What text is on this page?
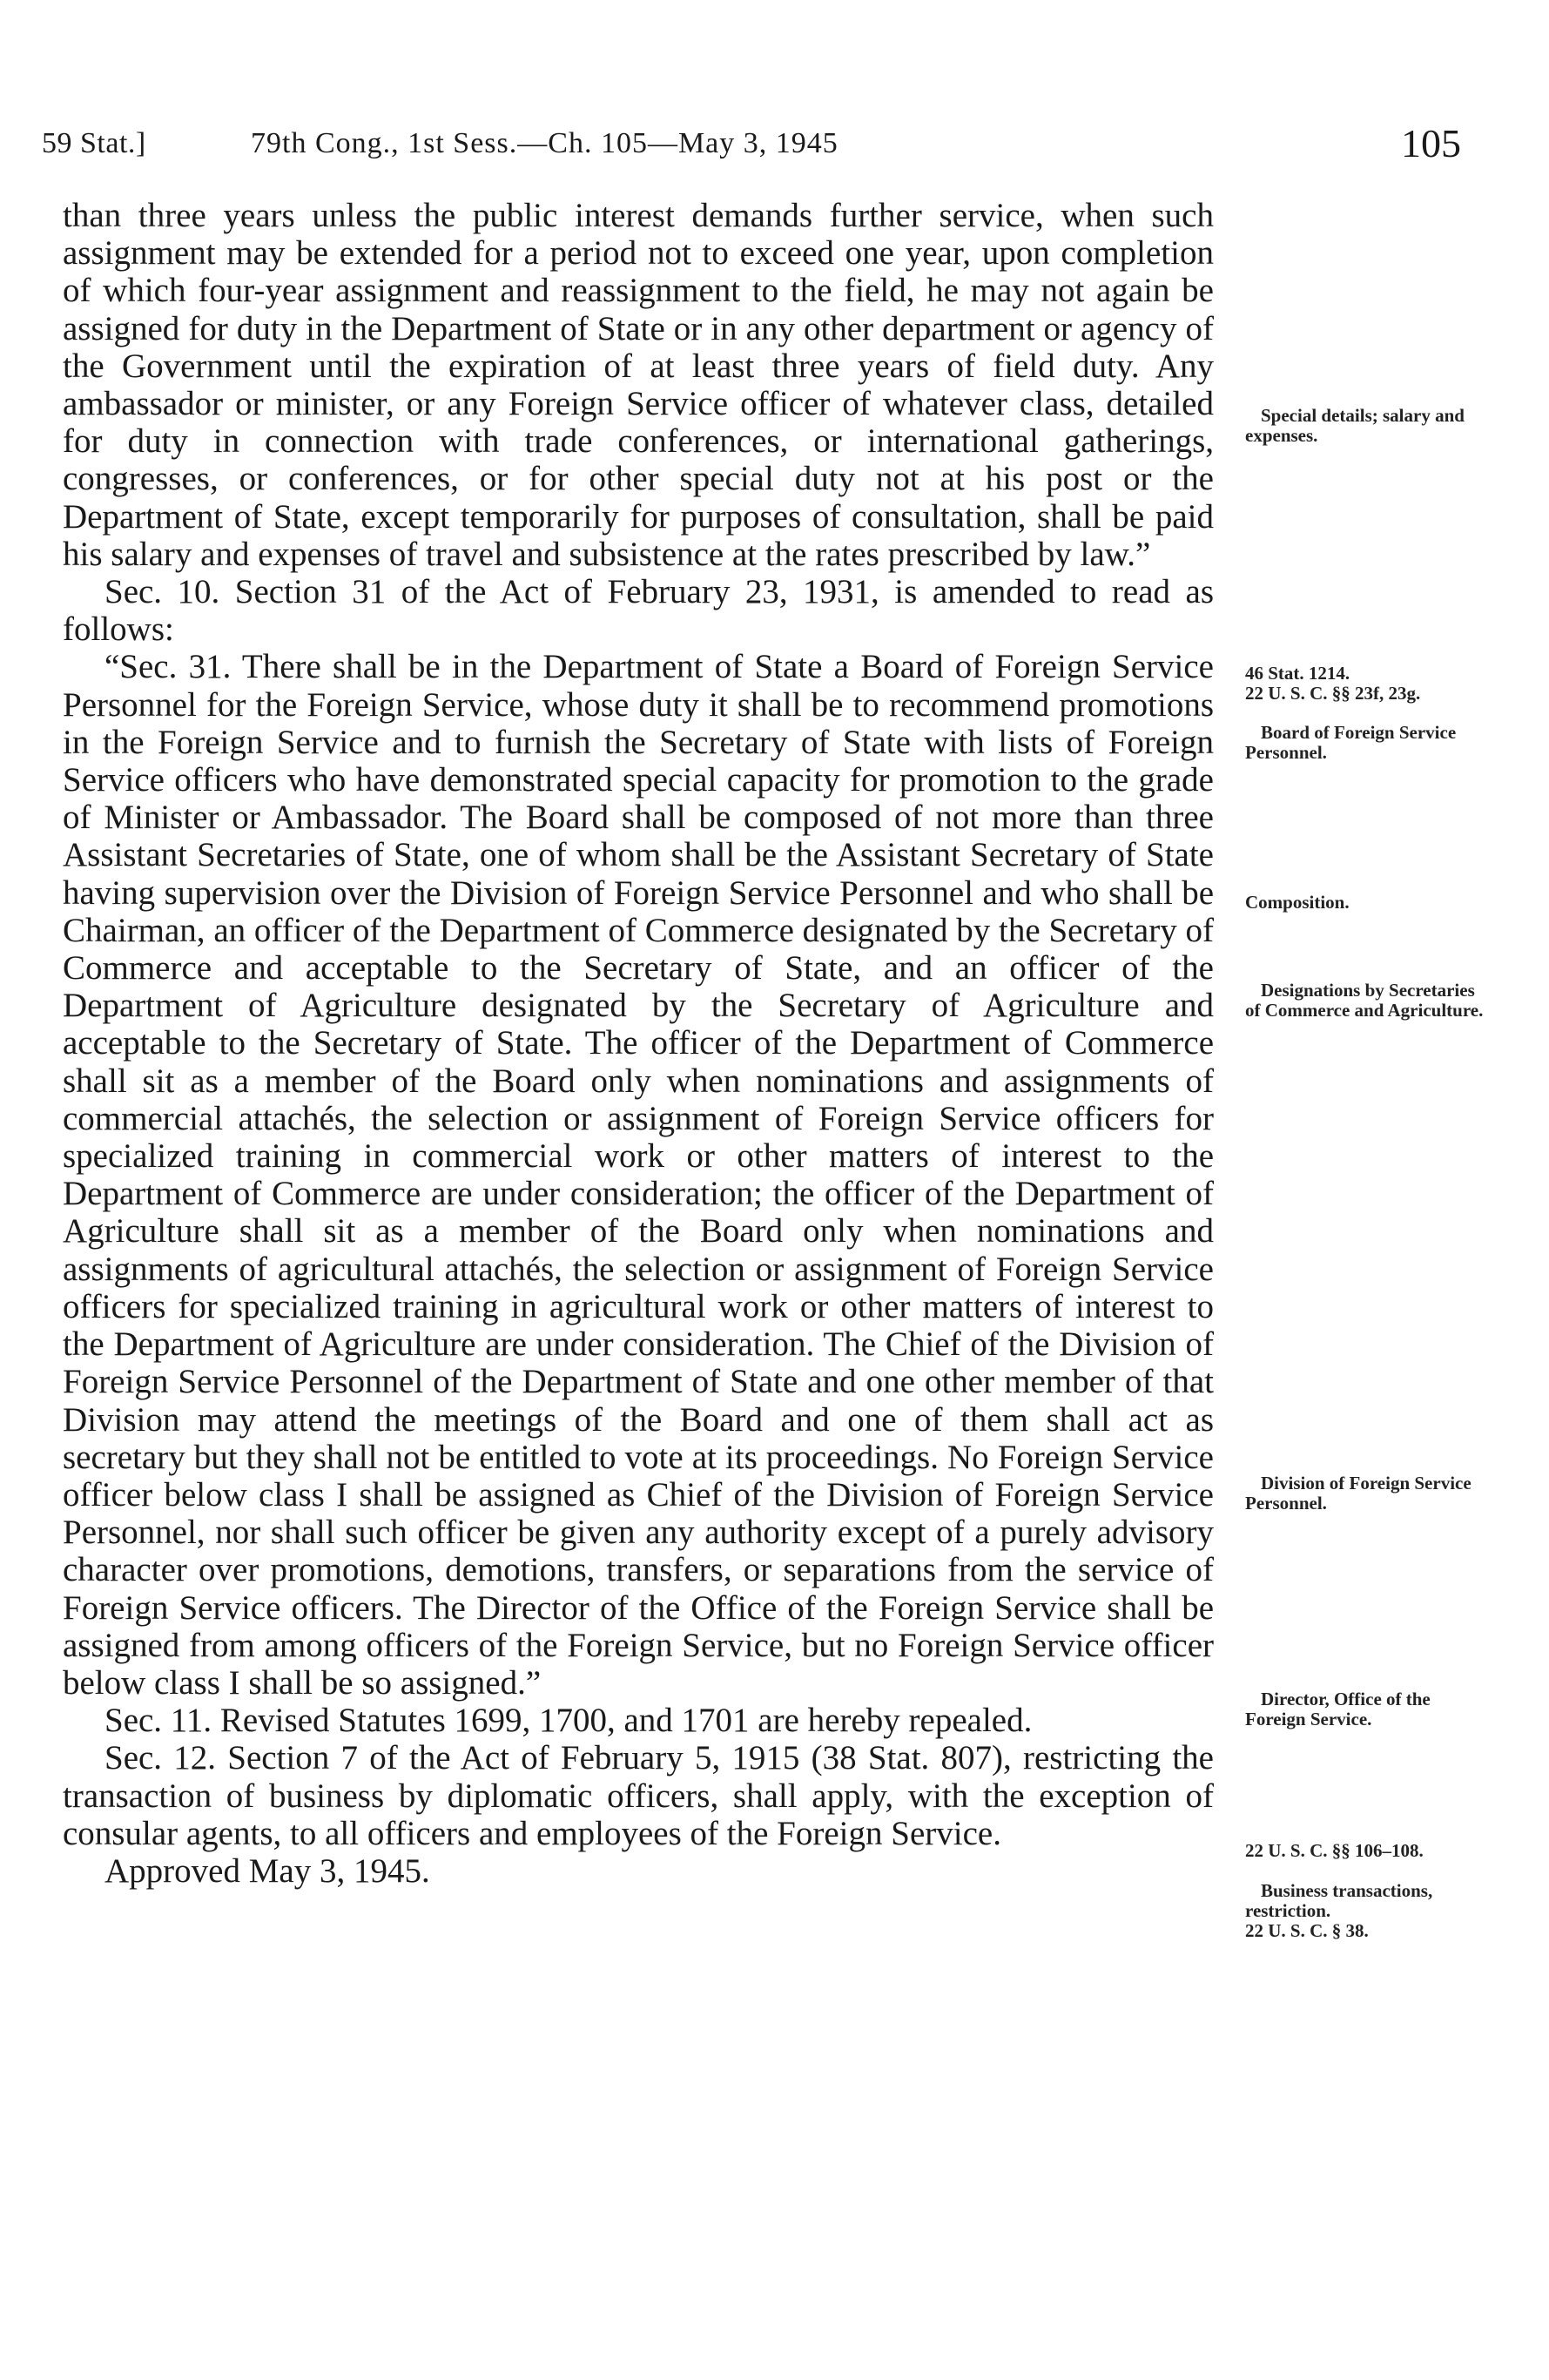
59 Stat.]	79th Cong., 1st Sess.—Ch. 105—May 3, 1945	105

than three years unless the public interest demands further service, when such assignment may be extended for a period not to exceed one year, upon completion of which four-year assignment and reassignment to the field, he may not again be assigned for duty in the Department of State or in any other department or agency of the Government until the expiration of at least three years of field duty. Any ambassador or minister, or any Foreign Service officer of whatever class, detailed for duty in connection with trade conferences, or international gatherings, congresses, or conferences, or for other special duty not at his post or the Department of State, except temporarily for purposes of consultation, shall be paid his salary and expenses of travel and subsistence at the rates prescribed by law.”

Sec. 10. Section 31 of the Act of February 23, 1931, is amended to read as follows:

“Sec. 31. There shall be in the Department of State a Board of Foreign Service Personnel for the Foreign Service, whose duty it shall be to recommend promotions in the Foreign Service and to furnish the Secretary of State with lists of Foreign Service officers who have demonstrated special capacity for promotion to the grade of Minister or Ambassador. The Board shall be composed of not more than three Assistant Secretaries of State, one of whom shall be the Assistant Secretary of State having supervision over the Division of Foreign Service Personnel and who shall be Chairman, an officer of the Department of Commerce designated by the Secretary of Commerce and acceptable to the Secretary of State, and an officer of the Department of Agriculture designated by the Secretary of Agriculture and acceptable to the Secretary of State. The officer of the Department of Commerce shall sit as a member of the Board only when nominations and assignments of commercial attachés, the selection or assignment of Foreign Service officers for specialized training in commercial work or other matters of interest to the Department of Commerce are under consideration; the officer of the Department of Agriculture shall sit as a member of the Board only when nominations and assignments of agricultural attachés, the selection or assignment of Foreign Service officers for specialized training in agricultural work or other matters of interest to the Department of Agriculture are under consideration. The Chief of the Division of Foreign Service Personnel of the Department of State and one other member of that Division may attend the meetings of the Board and one of them shall act as secretary but they shall not be entitled to vote at its proceedings. No Foreign Service officer below class I shall be assigned as Chief of the Division of Foreign Service Personnel, nor shall such officer be given any authority except of a purely advisory character over promotions, demotions, transfers, or separations from the service of Foreign Service officers. The Director of the Office of the Foreign Service shall be assigned from among officers of the Foreign Service, but no Foreign Service officer below class I shall be so assigned.”

Sec. 11. Revised Statutes 1699, 1700, and 1701 are hereby repealed.

Sec. 12. Section 7 of the Act of February 5, 1915 (38 Stat. 807), restricting the transaction of business by diplomatic officers, shall apply, with the exception of consular agents, to all officers and employees of the Foreign Service.

Approved May 3, 1945.

Special details; salary and expenses.
46 Stat. 1214.
22 U. S. C. §§ 23f, 23g.
Board of Foreign Service Personnel.
Composition.
Designations by Secretaries of Commerce and Agriculture.
Division of Foreign Service Personnel.
Director, Office of the Foreign Service.
22 U. S. C. §§ 106–108.
Business transactions, restriction.
22 U. S. C. § 38.
